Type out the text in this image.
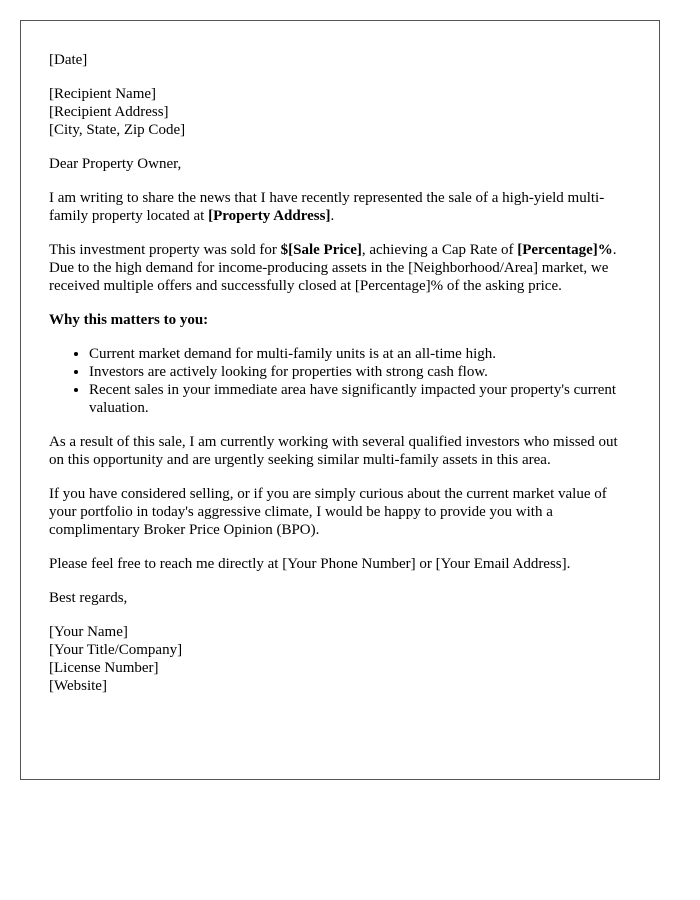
[Date]

[Recipient Name]
[Recipient Address]
[City, State, Zip Code]

Dear Property Owner,

I am writing to share the news that I have recently represented the sale of a high-yield multi-family property located at [Property Address].

This investment property was sold for $[Sale Price], achieving a Cap Rate of [Percentage]%. Due to the high demand for income-producing assets in the [Neighborhood/Area] market, we received multiple offers and successfully closed at [Percentage]% of the asking price.

Why this matters to you:

• Current market demand for multi-family units is at an all-time high.
• Investors are actively looking for properties with strong cash flow.
• Recent sales in your immediate area have significantly impacted your property's current valuation.

As a result of this sale, I am currently working with several qualified investors who missed out on this opportunity and are urgently seeking similar multi-family assets in this area.

If you have considered selling, or if you are simply curious about the current market value of your portfolio in today's aggressive climate, I would be happy to provide you with a complimentary Broker Price Opinion (BPO).

Please feel free to reach me directly at [Your Phone Number] or [Your Email Address].

Best regards,

[Your Name]
[Your Title/Company]
[License Number]
[Website]
